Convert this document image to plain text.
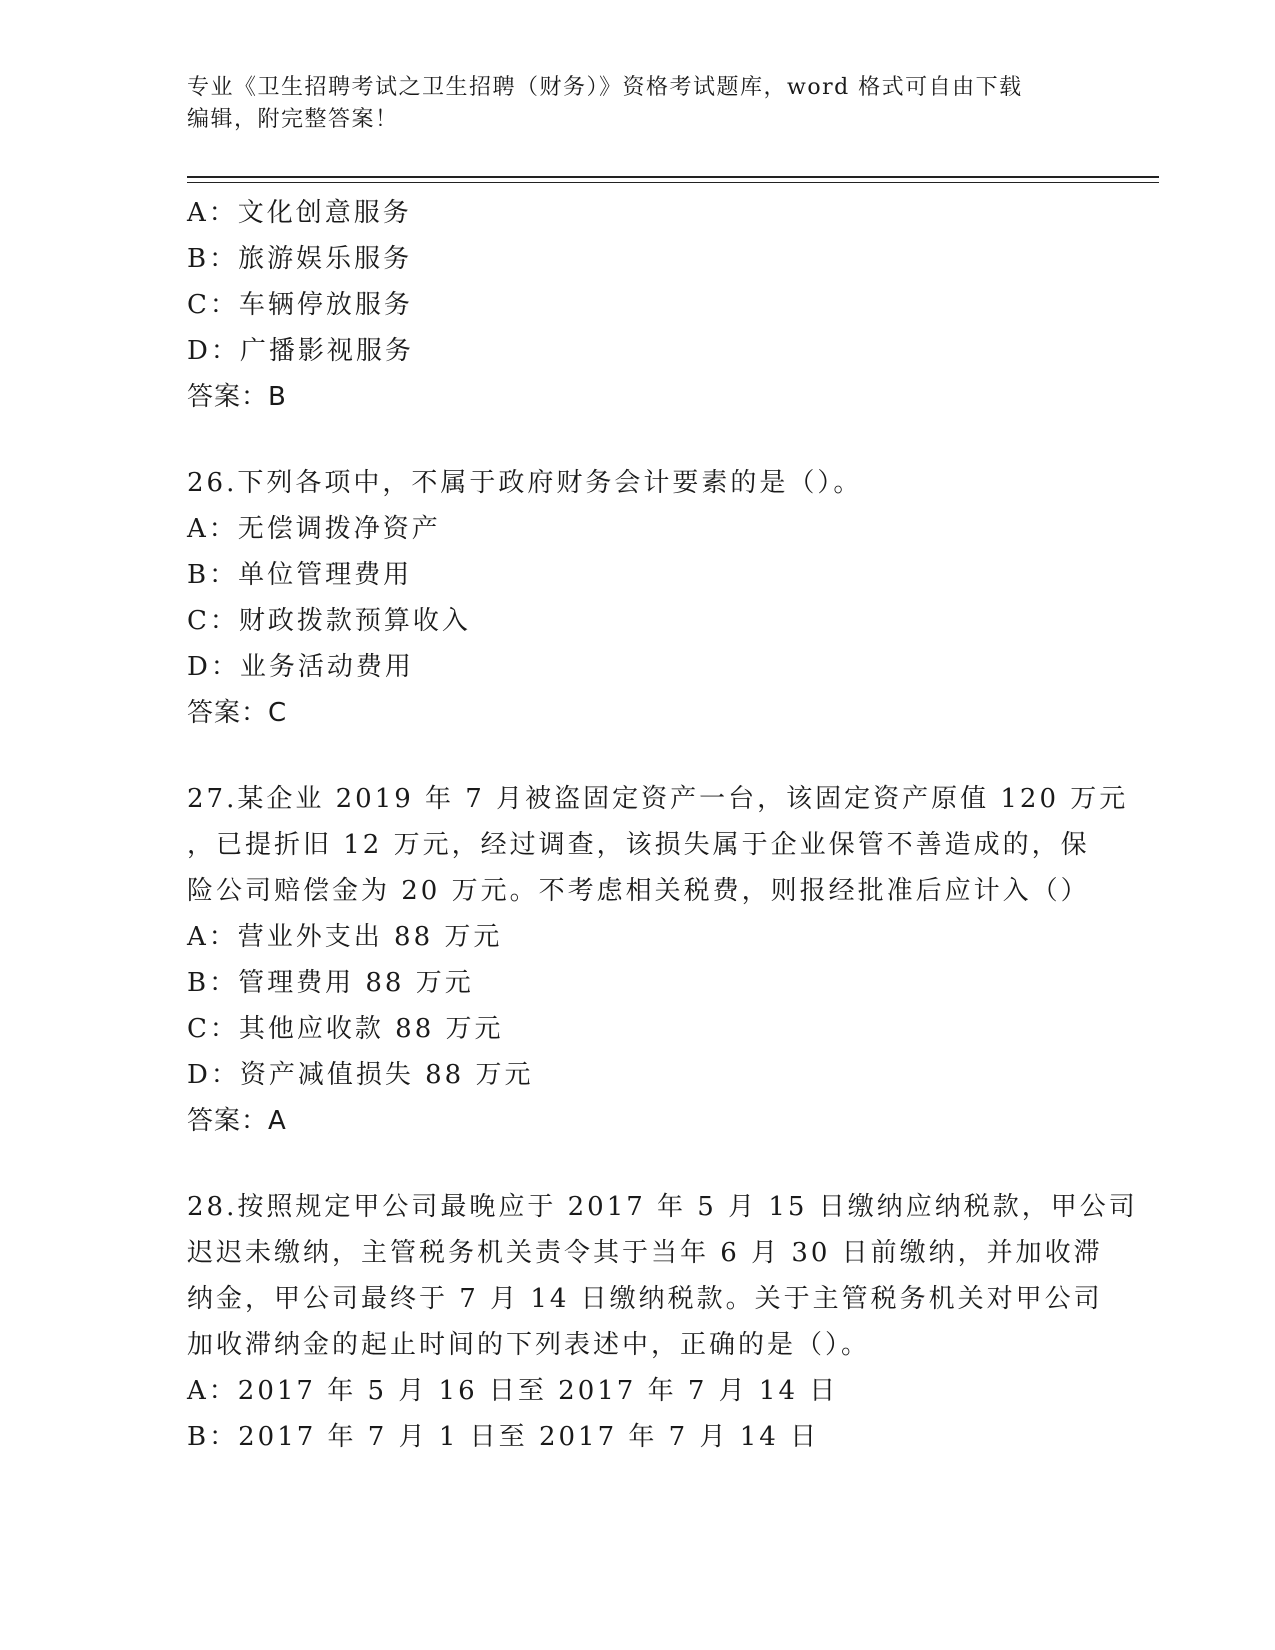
专业《卫生招聘考试之卫生招聘（财务）》资格考试题库，word 格式可自由下载
编辑，附完整答案！
A：文化创意服务
B：旅游娱乐服务
C：车辆停放服务
D：广播影视服务
答案：B
26.下列各项中，不属于政府财务会计要素的是（）。
A：无偿调拨净资产
B：单位管理费用
C：财政拨款预算收入
D：业务活动费用
答案：C
27.某企业 2019 年 7 月被盗固定资产一台，该固定资产原值 120 万元
，已提折旧 12 万元，经过调查，该损失属于企业保管不善造成的，保
险公司赔偿金为 20 万元。不考虑相关税费，则报经批准后应计入（）
A：营业外支出 88 万元
B：管理费用 88 万元
C：其他应收款 88 万元
D：资产减值损失 88 万元
答案：A
28.按照规定甲公司最晚应于 2017 年 5 月 15 日缴纳应纳税款，甲公司
迟迟未缴纳，主管税务机关责令其于当年 6 月 30 日前缴纳，并加收滞
纳金，甲公司最终于 7 月 14 日缴纳税款。关于主管税务机关对甲公司
加收滞纳金的起止时间的下列表述中，正确的是（）。
A：2017 年 5 月 16 日至 2017 年 7 月 14 日
B：2017 年 7 月 1 日至 2017 年 7 月 14 日
